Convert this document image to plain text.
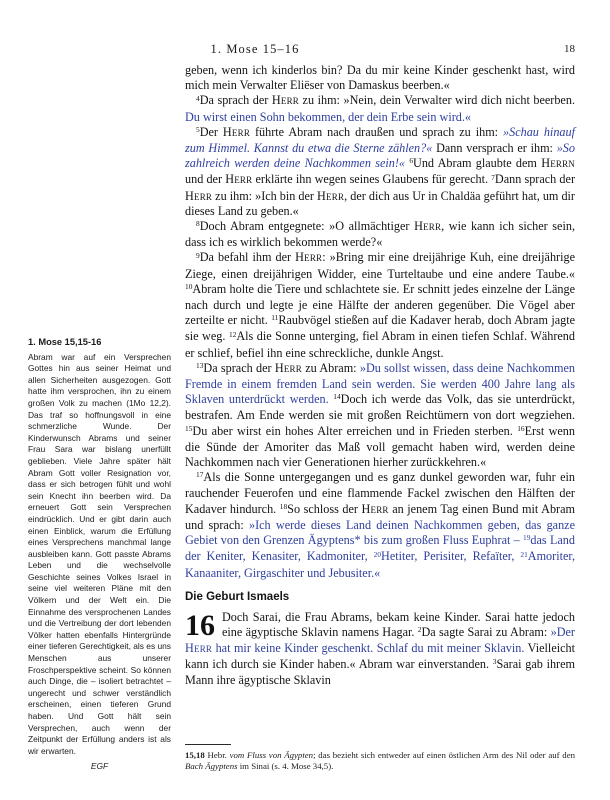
1. Mose 15–16	18
1. Mose 15,15-16

Abram war auf ein Versprechen Gottes hin aus seiner Heimat und allen Sicherheiten ausgezogen. Gott hatte ihm versprochen, ihn zu einem großen Volk zu machen (1Mo 12,2). Das traf so hoffnungsvoll in eine schmerzliche Wunde. Der Kinderwunsch Abrams und seiner Frau Sara war bislang unerfüllt geblieben. Viele Jahre später hält Abram Gott voller Resignation vor, dass er sich betrogen fühlt und wohl sein Knecht ihn beerben wird. Da erneuert Gott sein Versprechen eindrücklich. Und er gibt darin auch einen Einblick, warum die Erfüllung eines Versprechens manchmal lange ausbleiben kann. Gott passte Abrams Leben und die wechselvolle Geschichte seines Volkes Israel in seine viel weiteren Pläne mit den Völkern und der Welt ein. Die Einnahme des versprochenen Landes und die Vertreibung der dort lebenden Völker hatten ebenfalls Hintergründe einer tieferen Gerechtigkeit, als es uns Menschen aus unserer Froschperspektive scheint. So können auch Dinge, die – isoliert betrachtet – ungerecht und schwer verständlich erscheinen, einen tieferen Grund haben. Und Gott hält sein Versprechen, auch wenn der Zeitpunkt der Erfüllung anders ist als wir erwarten.

EGF

geben, wenn ich kinderlos bin? Da du mir keine Kinder geschenkt hast, wird mich mein Verwalter Eliëser von Damaskus beerben.«

$^4$Da sprach der Herr zu ihm: »Nein, dein Verwalter wird dich nicht beerben. Du wirst einen Sohn bekommen, der dein Erbe sein wird.«

$^5$Der Herr führte Abram nach draußen und sprach zu ihm: »Schau hinauf zum Himmel. Kannst du etwa die Sterne zählen?« Dann versprach er ihm: »So zahlreich werden deine Nachkommen sein!« $^6$Und Abram glaubte dem Herrn und der Herr erklärte ihn wegen seines Glaubens für gerecht. $^7$Dann sprach der Herr zu ihm: »Ich bin der Herr, der dich aus Ur in Chaldäa geführt hat, um dir dieses Land zu geben.«

$^8$Doch Abram entgegnete: »O allmächtiger Herr, wie kann ich sicher sein, dass ich es wirklich bekommen werde?«

$^9$Da befahl ihm der Herr: »Bring mir eine dreijährige Kuh, eine dreijährige Ziege, einen dreijährigen Widder, eine Turteltaube und eine andere Taube.« $^{10}$Abram holte die Tiere und schlachtete sie. Er schnitt jedes einzelne der Länge nach durch und legte je eine Hälfte der anderen gegenüber. Die Vögel aber zerteilte er nicht. $^{11}$Raubvögel stießen auf die Kadaver herab, doch Abram jagte sie weg. $^{12}$Als die Sonne unterging, fiel Abram in einen tiefen Schlaf. Während er schlief, befiel ihn eine schreckliche, dunkle Angst.

$^{13}$Da sprach der Herr zu Abram: »Du sollst wissen, dass deine Nachkommen Fremde in einem fremden Land sein werden. Sie werden 400 Jahre lang als Sklaven unterdrückt werden. $^{14}$Doch ich werde das Volk, das sie unterdrückt, bestrafen. Am Ende werden sie mit großen Reichtümern von dort wegziehen. $^{15}$Du aber wirst ein hohes Alter erreichen und in Frieden sterben. $^{16}$Erst wenn die Sünde der Amoriter das Maß voll gemacht haben wird, werden deine Nachkommen nach vier Generationen hierher zurückkehren.«

$^{17}$Als die Sonne untergegangen und es ganz dunkel geworden war, fuhr ein rauchender Feuerofen und eine flammende Fackel zwischen den Hälften der Kadaver hindurch. $^{18}$So schloss der Herr an jenem Tag einen Bund mit Abram und sprach: »Ich werde dieses Land deinen Nachkommen geben, das ganze Gebiet von den Grenzen Ägyptens* bis zum großen Fluss Euphrat – $^{19}$das Land der Keniter, Kenasiter, Kadmoniter, $^{20}$Hetiter, Perisiter, Refaïter, $^{21}$Amoriter, Kanaaniter, Girgaschiter und Jebusiter.«

Die Geburt Ismaels

16 Doch Sarai, die Frau Abrams, bekam keine Kinder. Sarai hatte jedoch eine ägyptische Sklavin namens Hagar. $^2$Da sagte Sarai zu Abram: »Der Herr hat mir keine Kinder geschenkt. Schlaf du mit meiner Sklavin. Vielleicht kann ich durch sie Kinder haben.« Abram war einverstanden. $^3$Sarai gab ihrem Mann ihre ägyptische Sklavin

15,18 Hebr. vom Fluss von Ägypten; das bezieht sich entweder auf einen östlichen Arm des Nil oder auf den Bach Ägyptens im Sinai (s. 4. Mose 34,5).
